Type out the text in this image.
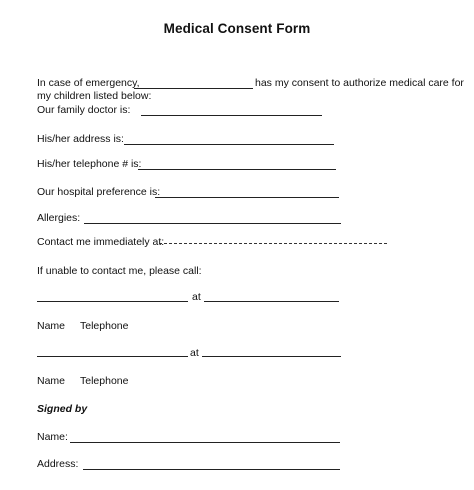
Medical Consent Form
In case of emergency,	has my consent to authorize medical care for
my children listed below:
Our family doctor is:
His/her address is:
His/her telephone # is:
Our hospital preference is:
Allergies:
Contact me immediately at:
If unable to contact me, please call:
at
Name Telephone
at
Name Telephone
Signed by
Name:
Address:
